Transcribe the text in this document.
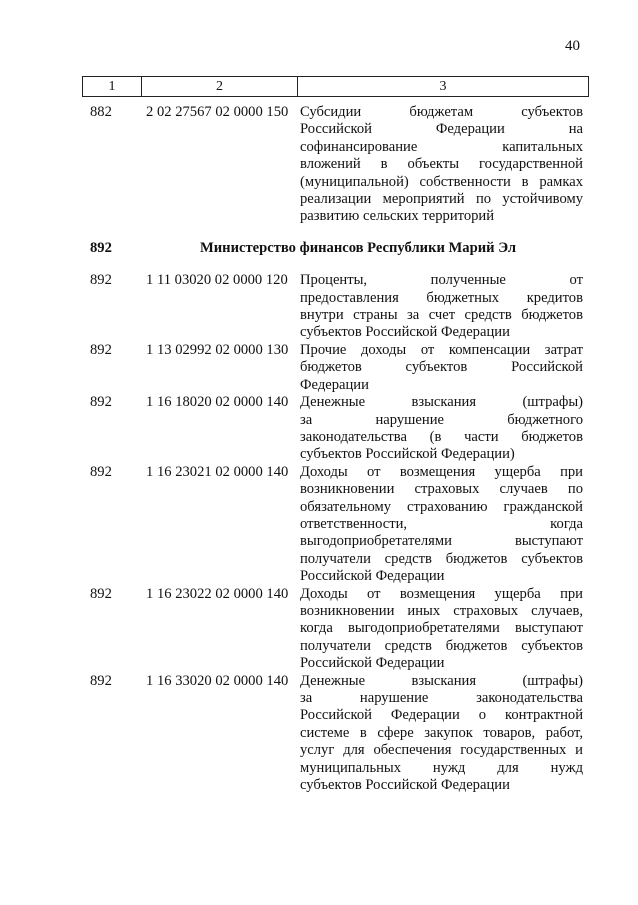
40
1	2	3
882	2 02 27567 02 0000 150 Субсидии бюджетам субъектов
Российской Федерации на
софинансирование капитальных
вложений в объекты государственной
(муниципальной) собственности в рамках
реализации мероприятий по устойчивому
развитию сельских территорий
892	Министерство финансов Республики Марий Эл
892	1 11 03020 02 0000 120 Проценты, полученные от
предоставления бюджетных кредитов
внутри страны за счет средств бюджетов
субъектов Российской Федерации
892	1 13 02992 02 0000 130 Прочие доходы от компенсации затрат
бюджетов субъектов Российской
Федерации
892	1 16 18020 02 0000 140 Денежные взыскания (штрафы)
за нарушение бюджетного
законодательства (в части бюджетов
субъектов Российской Федерации)
892	1 16 23021 02 0000 140 Доходы от возмещения ущерба при
возникновении страховых случаев по
обязательному страхованию гражданской
ответственности, когда
выгодоприобретателями выступают
получатели средств бюджетов субъектов
Российской Федерации
892	1 16 23022 02 0000 140 Доходы от возмещения ущерба при
возникновении иных страховых случаев,
когда выгодоприобретателями выступают
получатели средств бюджетов субъектов
Российской Федерации
892	1 16 33020 02 0000 140 Денежные взыскания (штрафы)
за нарушение законодательства
Российской Федерации о контрактной
системе в сфере закупок товаров, работ,
услуг для обеспечения государственных и
муниципальных нужд для нужд
субъектов Российской Федерации
